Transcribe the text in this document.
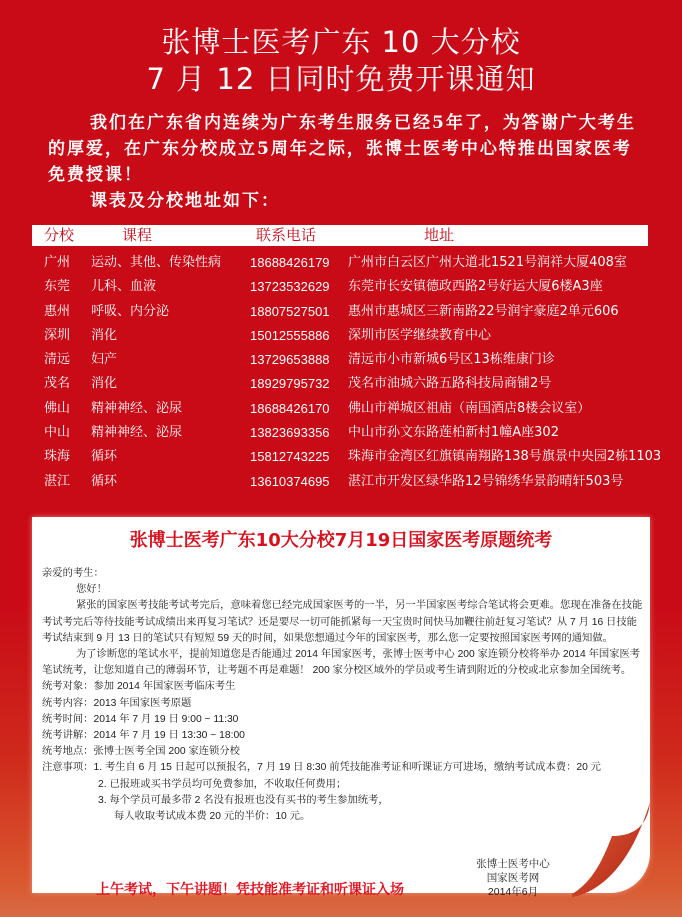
张博士医考广东 10 大分校
7 月 12 日同时免费开课通知

我们在广东省内连续为广东考生服务已经5年了，为答谢广大考生的厚爱，在广东分校成立5周年之际，张博士医考中心特推出国家医考免费授课！

课表及分校地址如下：

分校	课程	联系电话	地址
广州 运动、其他、传染性病 18688426179 广州市白云区广州大道北1521号润祥大厦408室
东莞 儿科、血液	13723532629 东莞市长安镇德政西路2号好运大厦6楼A3座
惠州 呼吸、内分泌	18807527501 惠州市惠城区三新南路22号润宇豪庭2单元606
深圳 消化	15012555886 深圳市医学继续教育中心
清远 妇产	13729653888 清远市小市新城6号区13栋维康门诊
茂名 消化	18929795732 茂名市油城六路五路科技局商铺2号
佛山 精神神经、泌尿	18688426170 佛山市禅城区祖庙（南国酒店8楼会议室）
中山 精神神经、泌尿	13823693356 中山市孙文东路莲柏新村1幢A座302
珠海 循环	15812743225 珠海市金湾区红旗镇南翔路138号旗景中央园2栋1103
湛江 循环	13610374695 湛江市开发区绿华路12号锦绣华景韵晴轩503号
张博士医考广东10大分校7月19日国家医考原题统考

亲爱的考生：

您好！

紧张的国家医考技能考试考完后，意味着您已经完成国家医考的一半，另一半国家医考综合笔试将会更难。您现在准备在技能考试考完后等待技能考试成绩出来再复习笔试？还是要尽一切可能抓紧每一天宝贵时间快马加鞭往前赶复习笔试？从 7 月 16 日技能考试结束到 9 月 13 日的笔试只有短短 59 天的时间，如果您想通过今年的国家医考，那么您一定要按照国家医考网的通知做。

为了诊断您的笔试水平，提前知道您是否能通过 2014 年国家医考，张博士医考中心 200 家连锁分校将举办 2014 年国家医考笔试统考，让您知道自己的薄弱环节，让考题不再是难题！ 200 家分校区域外的学员或考生请到附近的分校或北京参加全国统考。

统考对象：参加 2014 年国家医考临床考生

统考内容：2013 年国家医考原题

统考时间：2014 年 7 月 19 日 9:00 ~ 11:30

统考讲解：2014 年 7 月 19 日 13:30 ~ 18:00

统考地点：张博士医考全国 200 家连锁分校

注意事项：1. 考生自 6 月 15 日起可以预报名，7 月 19 日 8:30 前凭技能准考证和听课证方可进场，缴纳考试成本费：20 元

2. 已报班或买书学员均可免费参加，不收取任何费用；

3. 每个学员可最多带 2 名没有报班也没有买书的考生参加统考，

每人收取考试成本费 20 元的半价：10 元。

上午考试，下午讲题！凭技能准考证和听课证入场
张博士医考中心
国家医考网
2014年6月
